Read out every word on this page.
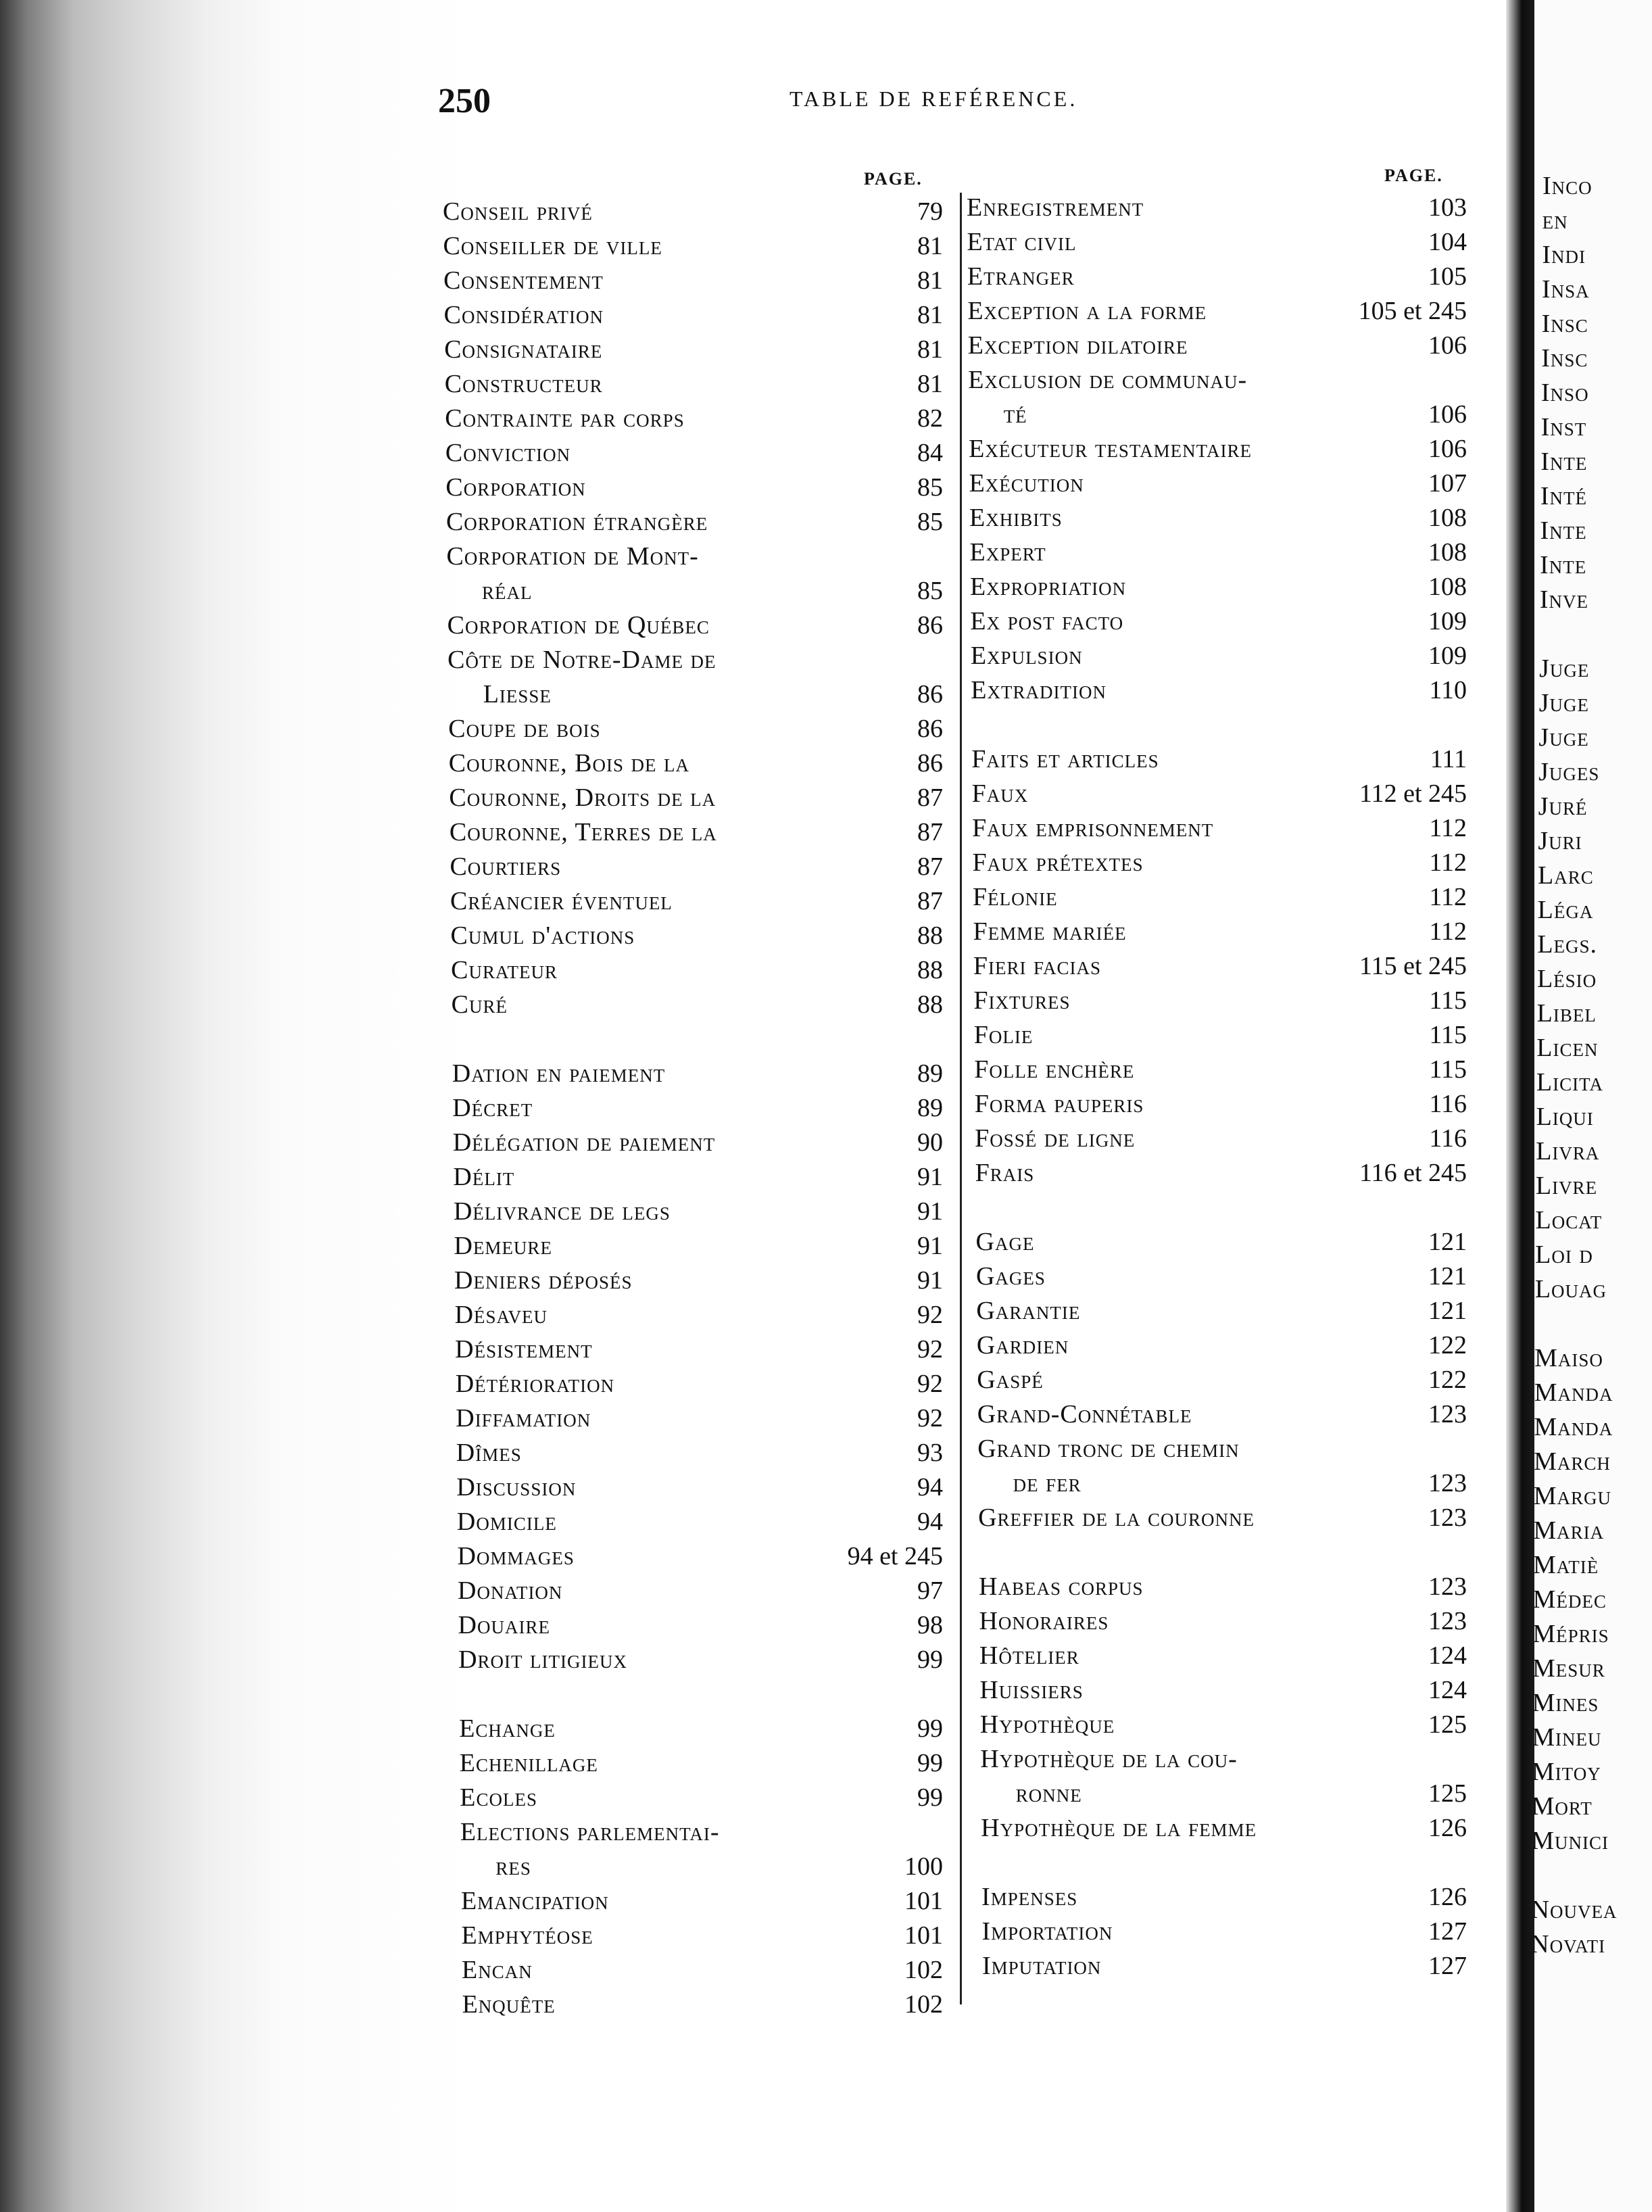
250	TABLE DE REFÉRENCE.
PAGE.	PAGE.
Conseil privé	79
Conseiller de ville	81
Consentement	81
Considération	81
Consignataire	81
Constructeur	81
Contrainte par corps	82
Conviction	84
Corporation	85
Corporation étrangère	85
Corporation de Mont-
réal	85
Corporation de Québec	86
Côte de Notre-Dame de
Liesse	86
Coupe de bois	86
Couronne, Bois de la	86
Couronne, Droits de la	87
Couronne, Terres de la	87
Courtiers	87
Créancier éventuel	87
Cumul d'actions	88
Curateur	88
Curé	88
Dation en paiement	89
Décret	89
Délégation de paiement	90
Délit	91
Délivrance de legs	91
Demeure	91
Deniers déposés	91
Désaveu	92
Désistement	92
Détérioration	92
Diffamation	92
Dîmes	93
Discussion	94
Domicile	94
Dommages	94 et 245
Donation	97
Douaire	98
Droit litigieux	99
Echange	99
Echenillage	99
Ecoles	99
Elections parlementai-
res	100
Emancipation	101
Emphytéose	101
Encan	102
Enquête	102
Enregistrement	103
Etat civil	104
Etranger	105
Exception a la forme	105 et 245
Exception dilatoire	106
Exclusion de communau-
té	106
Exécuteur testamentaire	106
Exécution	107
Exhibits	108
Expert	108
Expropriation	108
Ex post facto	109
Expulsion	109
Extradition	110
Faits et articles	111
Faux	112 et 245
Faux emprisonnement	112
Faux prétextes	112
Félonie	112
Femme mariée	112
Fieri facias	115 et 245
Fixtures	115
Folie	115
Folle enchère	115
Forma pauperis	116
Fossé de ligne	116
Frais	116 et 245
Gage	121
Gages	121
Garantie	121
Gardien	122
Gaspé	122
Grand-Connétable	123
Grand tronc de chemin
de fer	123
Greffier de la couronne	123
Habeas corpus	123
Honoraires	123
Hôtelier	124
Huissiers	124
Hypothèque	125
Hypothèque de la cou-
ronne	125
Hypothèque de la femme	126
Impenses	126
Importation	127
Imputation	127
Inco
en
Indi
Insa
Insc
Insc
Inso
Inst
Inte
Inté
Inte
Inte
Inve
Juge
Juge
Juge
Juges
Juré
Juri
Larc
Léga
Legs.
Lésio
Libel
Licen
Licita
Liqui
Livra
Livre
Locat
Loi d
Louag
Maiso
Manda
Manda
March
Margu
Maria
Matiè
Médec
Mépris
Mesur
Mines
Mineu
Mitoy
Mort
Munici
Nouvea
Novati
